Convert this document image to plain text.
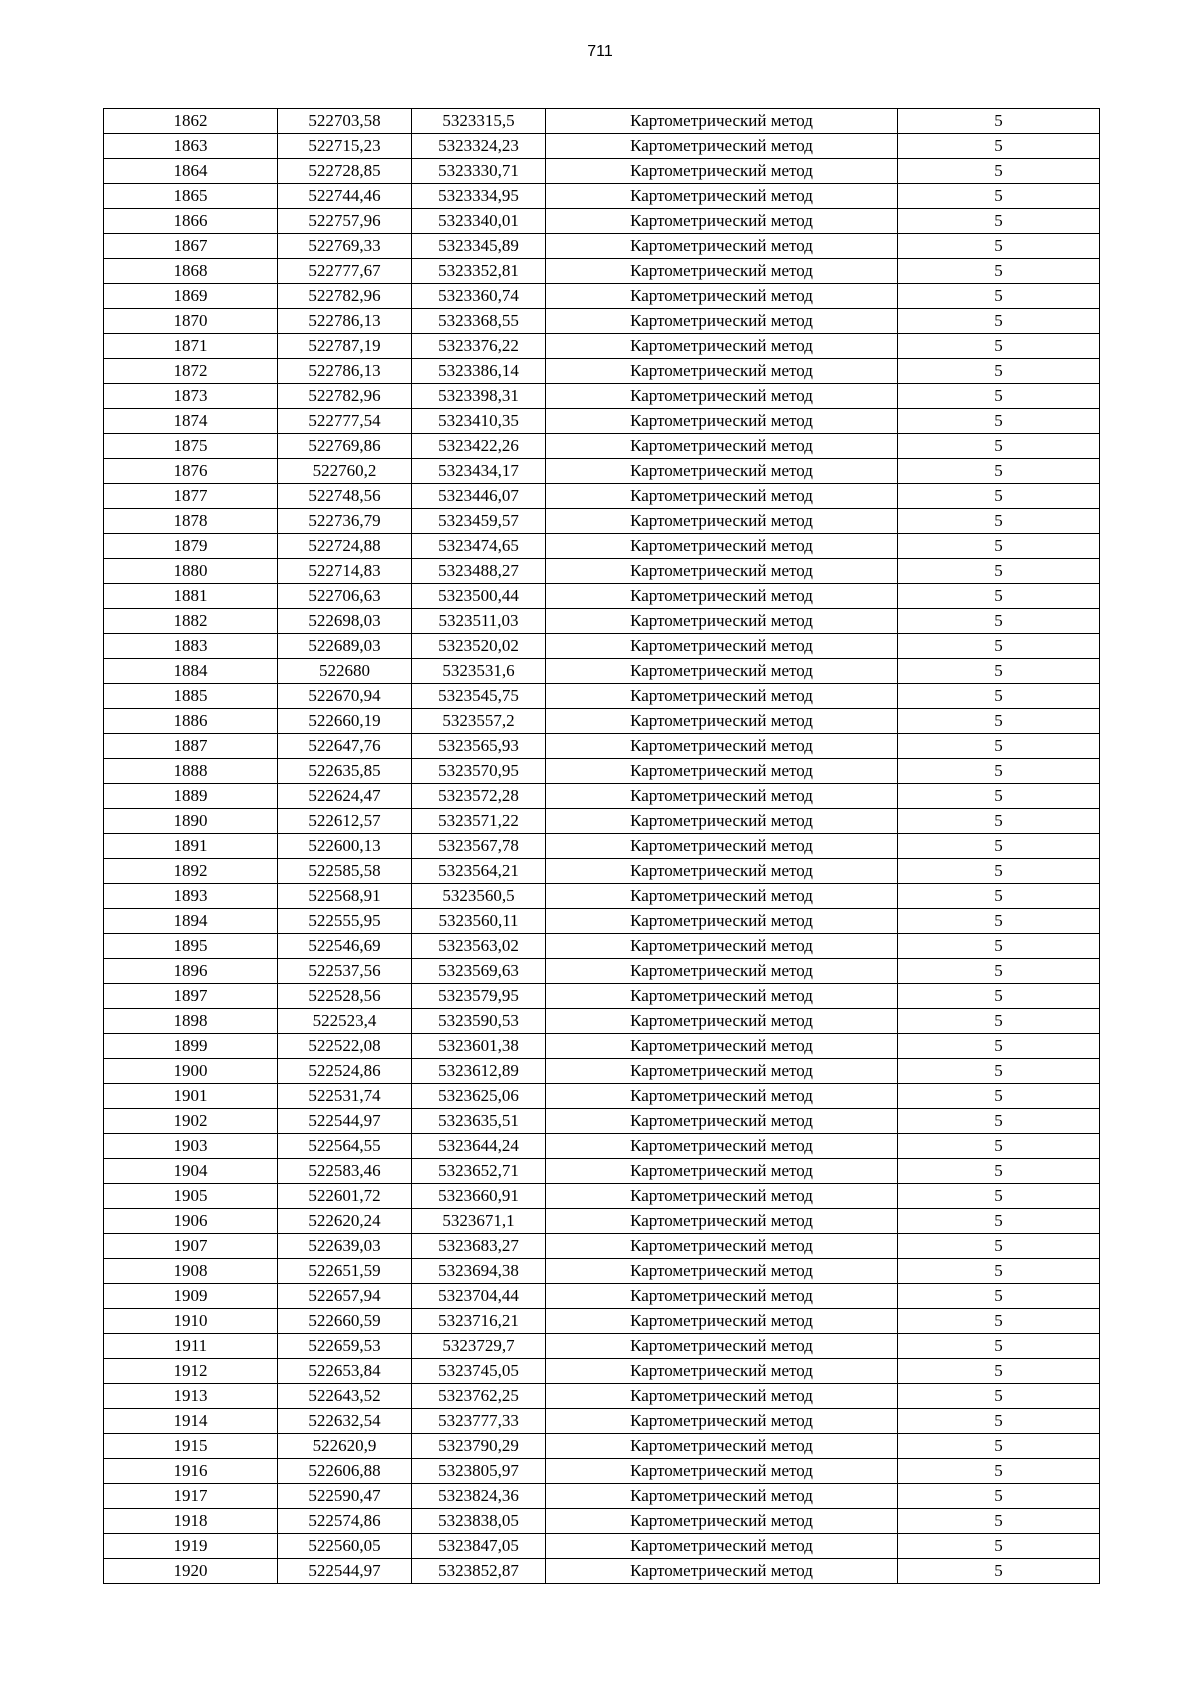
711
1862	522703,58	5323315,5	Картометрический метод	5
1863	522715,23	5323324,23	Картометрический метод	5
1864	522728,85	5323330,71	Картометрический метод	5
1865	522744,46	5323334,95	Картометрический метод	5
1866	522757,96	5323340,01	Картометрический метод	5
1867	522769,33	5323345,89	Картометрический метод	5
1868	522777,67	5323352,81	Картометрический метод	5
1869	522782,96	5323360,74	Картометрический метод	5
1870	522786,13	5323368,55	Картометрический метод	5
1871	522787,19	5323376,22	Картометрический метод	5
1872	522786,13	5323386,14	Картометрический метод	5
1873	522782,96	5323398,31	Картометрический метод	5
1874	522777,54	5323410,35	Картометрический метод	5
1875	522769,86	5323422,26	Картометрический метод	5
1876	522760,2	5323434,17	Картометрический метод	5
1877	522748,56	5323446,07	Картометрический метод	5
1878	522736,79	5323459,57	Картометрический метод	5
1879	522724,88	5323474,65	Картометрический метод	5
1880	522714,83	5323488,27	Картометрический метод	5
1881	522706,63	5323500,44	Картометрический метод	5
1882	522698,03	5323511,03	Картометрический метод	5
1883	522689,03	5323520,02	Картометрический метод	5
1884	522680	5323531,6	Картометрический метод	5
1885	522670,94	5323545,75	Картометрический метод	5
1886	522660,19	5323557,2	Картометрический метод	5
1887	522647,76	5323565,93	Картометрический метод	5
1888	522635,85	5323570,95	Картометрический метод	5
1889	522624,47	5323572,28	Картометрический метод	5
1890	522612,57	5323571,22	Картометрический метод	5
1891	522600,13	5323567,78	Картометрический метод	5
1892	522585,58	5323564,21	Картометрический метод	5
1893	522568,91	5323560,5	Картометрический метод	5
1894	522555,95	5323560,11	Картометрический метод	5
1895	522546,69	5323563,02	Картометрический метод	5
1896	522537,56	5323569,63	Картометрический метод	5
1897	522528,56	5323579,95	Картометрический метод	5
1898	522523,4	5323590,53	Картометрический метод	5
1899	522522,08	5323601,38	Картометрический метод	5
1900	522524,86	5323612,89	Картометрический метод	5
1901	522531,74	5323625,06	Картометрический метод	5
1902	522544,97	5323635,51	Картометрический метод	5
1903	522564,55	5323644,24	Картометрический метод	5
1904	522583,46	5323652,71	Картометрический метод	5
1905	522601,72	5323660,91	Картометрический метод	5
1906	522620,24	5323671,1	Картометрический метод	5
1907	522639,03	5323683,27	Картометрический метод	5
1908	522651,59	5323694,38	Картометрический метод	5
1909	522657,94	5323704,44	Картометрический метод	5
1910	522660,59	5323716,21	Картометрический метод	5
1911	522659,53	5323729,7	Картометрический метод	5
1912	522653,84	5323745,05	Картометрический метод	5
1913	522643,52	5323762,25	Картометрический метод	5
1914	522632,54	5323777,33	Картометрический метод	5
1915	522620,9	5323790,29	Картометрический метод	5
1916	522606,88	5323805,97	Картометрический метод	5
1917	522590,47	5323824,36	Картометрический метод	5
1918	522574,86	5323838,05	Картометрический метод	5
1919	522560,05	5323847,05	Картометрический метод	5
1920	522544,97	5323852,87	Картометрический метод	5
